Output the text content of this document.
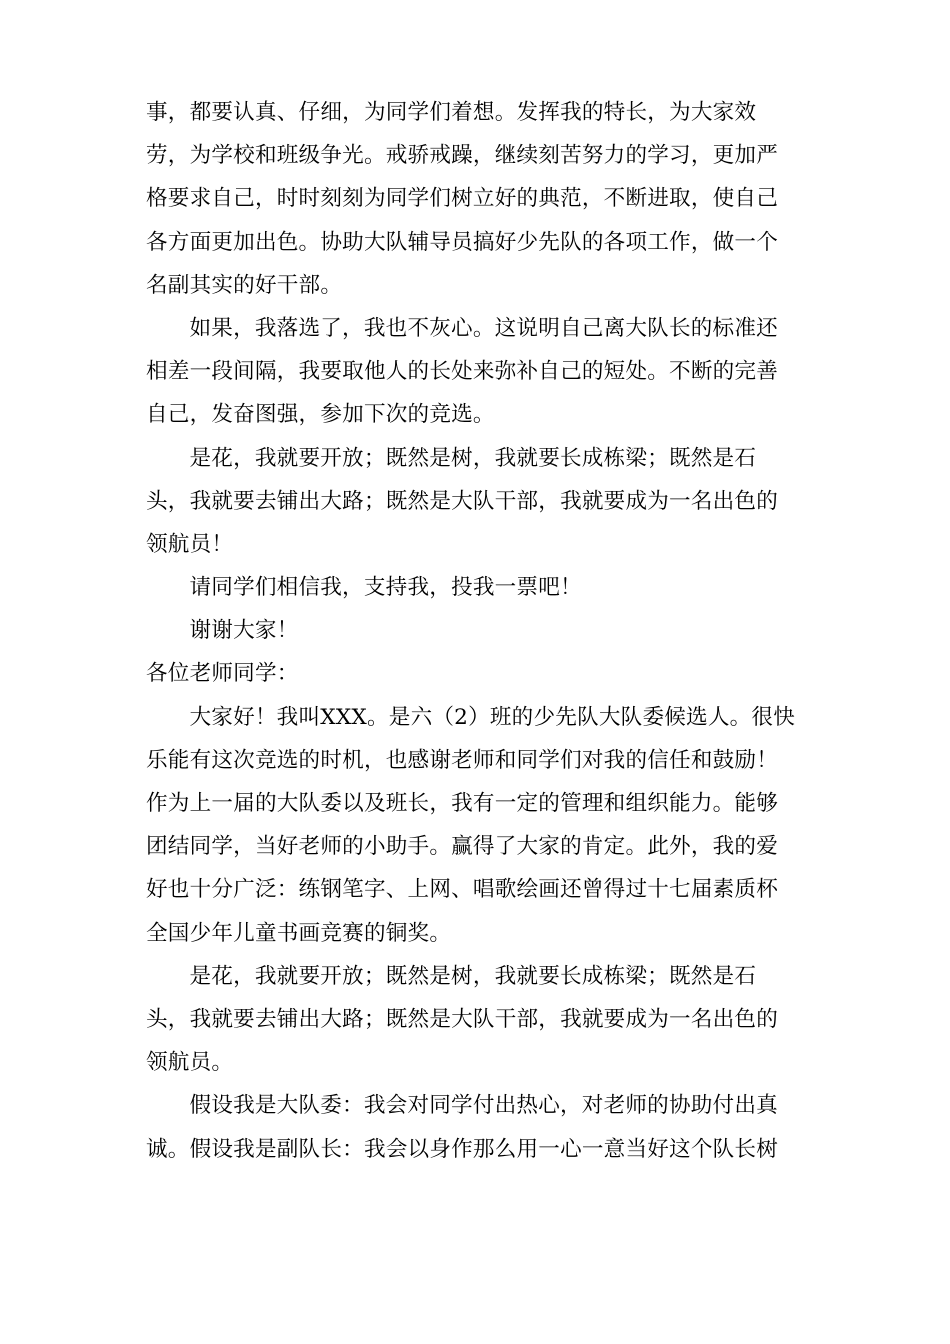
事，都要认真、仔细，为同学们着想。发挥我的特长，为大家效
劳，为学校和班级争光。戒骄戒躁，继续刻苦努力的学习，更加严
格要求自己，时时刻刻为同学们树立好的典范，不断进取，使自己
各方面更加出色。协助大队辅导员搞好少先队的各项工作，做一个
名副其实的好干部。
如果，我落选了，我也不灰心。这说明自己离大队长的标准还
相差一段间隔，我要取他人的长处来弥补自己的短处。不断的完善
自己，发奋图强，参加下次的竞选。
是花，我就要开放；既然是树，我就要长成栋梁；既然是石
头，我就要去铺出大路；既然是大队干部，我就要成为一名出色的
领航员！
请同学们相信我，支持我，投我一票吧！
谢谢大家！
各位老师同学：
大家好！我叫XXX。是六（2）班的少先队大队委候选人。很快
乐能有这次竞选的时机，也感谢老师和同学们对我的信任和鼓励！
作为上一届的大队委以及班长，我有一定的管理和组织能力。能够
团结同学，当好老师的小助手。赢得了大家的肯定。此外，我的爱
好也十分广泛：练钢笔字、上网、唱歌绘画还曾得过十七届素质杯
全国少年儿童书画竞赛的铜奖。
是花，我就要开放；既然是树，我就要长成栋梁；既然是石
头，我就要去铺出大路；既然是大队干部，我就要成为一名出色的
领航员。
假设我是大队委：我会对同学付出热心，对老师的协助付出真
诚。假设我是副队长：我会以身作那么用一心一意当好这个队长树
